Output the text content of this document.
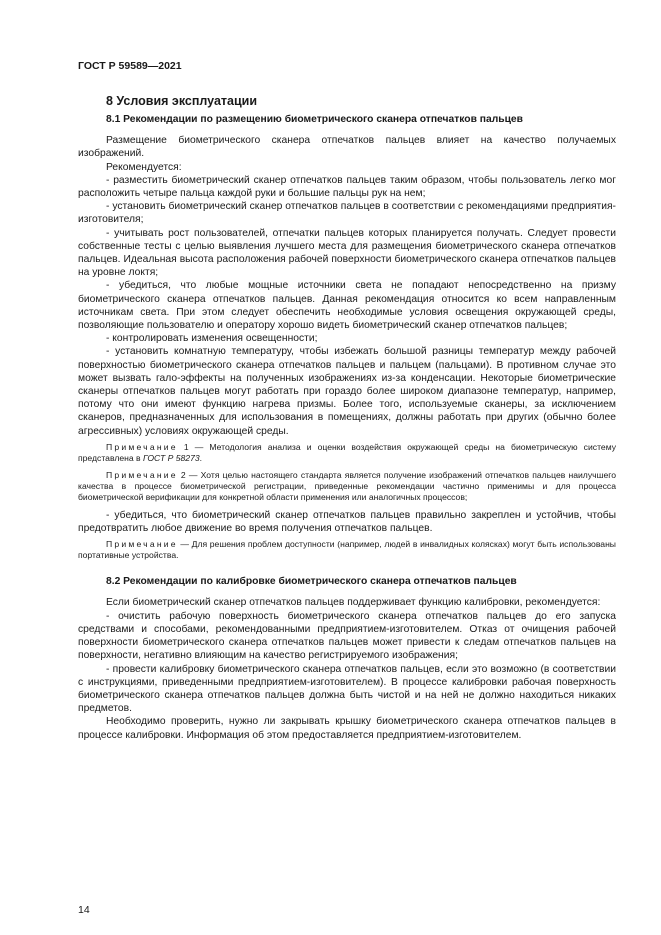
ГОСТ Р 59589—2021
8 Условия эксплуатации

8.1 Рекомендации по размещению биометрического сканера отпечатков пальцев

Размещение биометрического сканера отпечатков пальцев влияет на качество получаемых изображений.

Рекомендуется:

- разместить биометрический сканер отпечатков пальцев таким образом, чтобы пользователь легко мог расположить четыре пальца каждой руки и большие пальцы рук на нем;

- установить биометрический сканер отпечатков пальцев в соответствии с рекомендациями предприятия-изготовителя;

- учитывать рост пользователей, отпечатки пальцев которых планируется получать. Следует провести собственные тесты с целью выявления лучшего места для размещения биометрического сканера отпечатков пальцев. Идеальная высота расположения рабочей поверхности биометрического сканера отпечатков пальцев на уровне локтя;

- убедиться, что любые мощные источники света не попадают непосредственно на призму биометрического сканера отпечатков пальцев. Данная рекомендация относится ко всем направленным источникам света. При этом следует обеспечить необходимые условия освещения окружающей среды, позволяющие пользователю и оператору хорошо видеть биометрический сканер отпечатков пальцев;

- контролировать изменения освещенности;

- установить комнатную температуру, чтобы избежать большой разницы температур между рабочей поверхностью биометрического сканера отпечатков пальцев и пальцем (пальцами). В противном случае это может вызвать гало-эффекты на полученных изображениях из-за конденсации. Некоторые биометрические сканеры отпечатков пальцев могут работать при гораздо более широком диапазоне температур, например, потому что они имеют функцию нагрева призмы. Более того, используемые сканеры, за исключением сканеров, предназначенных для использования в помещениях, должны работать при других (обычно более агрессивных) условиях окружающей среды.

Примечание 1 — Методология анализа и оценки воздействия окружающей среды на биометрическую систему представлена в ГОСТ Р 58273.

Примечание 2 — Хотя целью настоящего стандарта является получение изображений отпечатков пальцев наилучшего качества в процессе биометрической регистрации, приведенные рекомендации частично применимы и для процесса биометрической верификации для конкретной области применения или аналогичных процессов;

- убедиться, что биометрический сканер отпечатков пальцев правильно закреплен и устойчив, чтобы предотвратить любое движение во время получения отпечатков пальцев.

Примечание — Для решения проблем доступности (например, людей в инвалидных колясках) могут быть использованы портативные устройства.

8.2 Рекомендации по калибровке биометрического сканера отпечатков пальцев

Если биометрический сканер отпечатков пальцев поддерживает функцию калибровки, рекомендуется:

- очистить рабочую поверхность биометрического сканера отпечатков пальцев до его запуска средствами и способами, рекомендованными предприятием-изготовителем. Отказ от очищения рабочей поверхности биометрического сканера отпечатков пальцев может привести к следам отпечатков пальцев на поверхности, негативно влияющим на качество регистрируемого изображения;

- провести калибровку биометрического сканера отпечатков пальцев, если это возможно (в соответствии с инструкциями, приведенными предприятием-изготовителем). В процессе калибровки рабочая поверхность биометрического сканера отпечатков пальцев должна быть чистой и на ней не должно находиться никаких предметов.

Необходимо проверить, нужно ли закрывать крышку биометрического сканера отпечатков пальцев в процессе калибровки. Информация об этом предоставляется предприятием-изготовителем.

14
